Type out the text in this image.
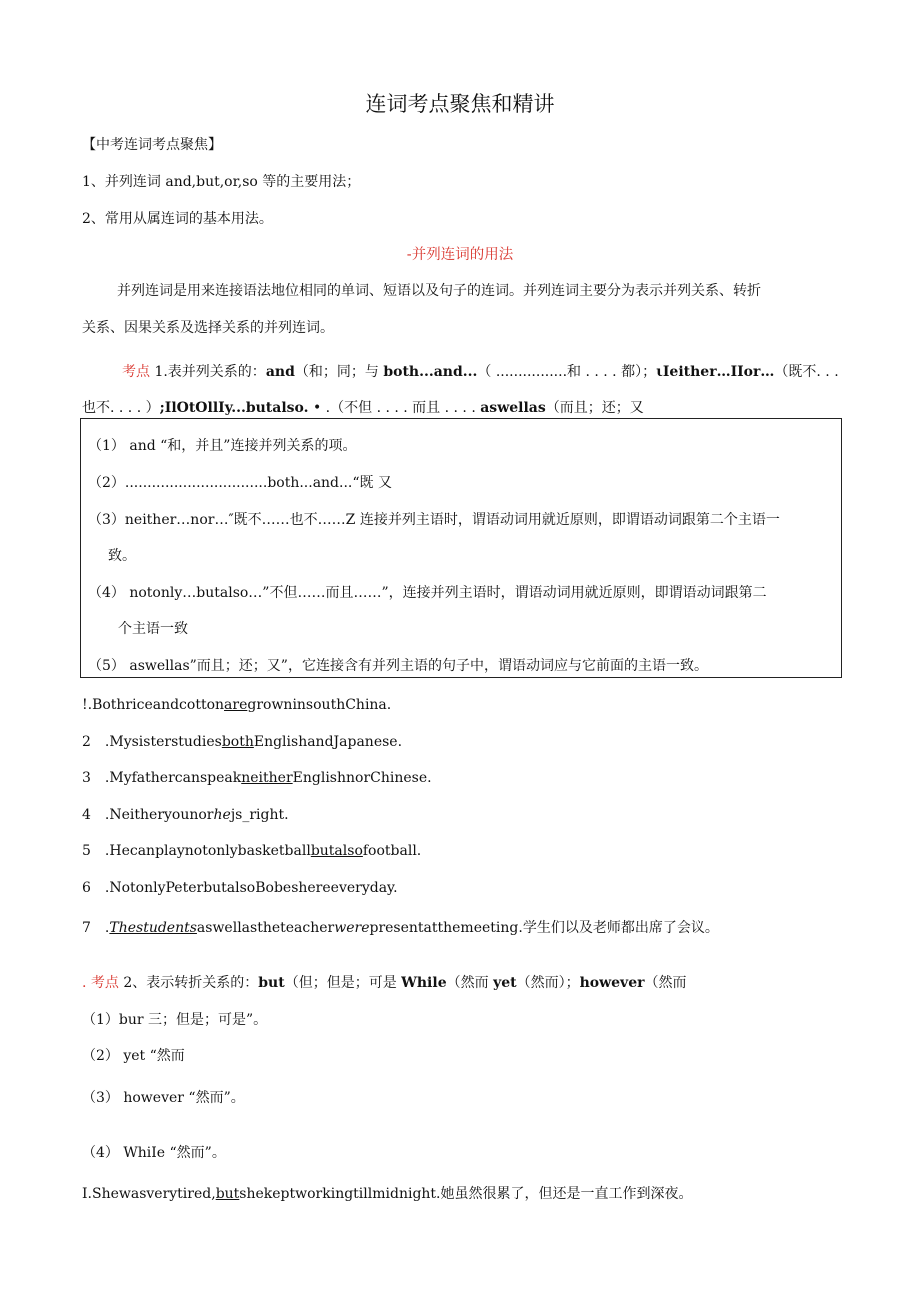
连词考点聚焦和精讲
【中考连词考点聚焦】
1、并列连词 and,but,or,so 等的主要用法；
2、常用从属连词的基本用法。
-并列连词的用法
并列连词是用来连接语法地位相同的单词、短语以及句子的连词。并列连词主要分为表示并列关系、转折
关系、因果关系及选择关系的并列连词。
考点 1.表并列关系的：and（和；同；与 both...and...（ ................和 . . . . 都）；ιIeither…IIor…（既不. . .
也不. . . . ）;IlOtOllIy...butalso. • .（不但 . . . . 而且 . . . . aswellas（而且；还；又
（1） and “和，并且”连接并列关系的项。
（2）................................both...and...“既 又
（3）neither…nor…″既不……也不……Z 连接并列主语时，谓语动词用就近原则，即谓语动词跟第二个主语一
致。
（4） notonly…butalso…”不但……而且……”，连接并列主语时，谓语动词用就近原则，即谓语动词跟第二
个主语一致
（5） aswellas”而且；还；又”，它连接含有并列主语的句子中，谓语动词应与它前面的主语一致。
!.BothriceandcottonaregrowninsouthChina.
2 .MysisterstudiesbothEnglishandJapanese.
3 .MyfathercanspeakneitherEnglishnorChinese.
4 .Neitheryounorhejs_right.
5 .Hecanplaynotonlybasketballbutalsofootball.
6 .NotonlyPeterbutalsoBobeshereeveryday.
7 .Thestudentsaswellastheteacherwerepresentatthemeeting.学生们以及老师都出席了会议。
. 考点 2、表示转折关系的：but（但；但是；可是 While（然而 yet（然而）；however（然而
（1）bur 三；但是；可是”。
（2） yet “然而
（3） however “然而”。
（4） WhiIe “然而”。
I.Shewasverytired,butshekeptworkingtillmidnight.她虽然很累了，但还是一直工作到深夜。
